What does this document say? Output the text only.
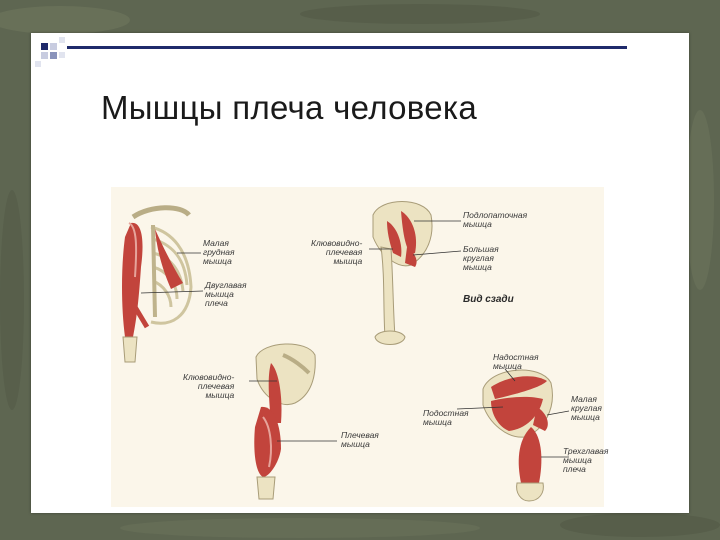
Мышцы плеча человека
Малая
грудная
мышца
Двуглавая
мышца
плеча
Клювовидно-
плечевая
мышца
Подлопаточная
мышца
Большая
круглая
мышца
Вид сзади
Надостная
мышца
Клювовидно-
плечевая
мышца
Подостная
мышца
Малая
круглая
мышца
Плечевая
мышца
Трехглавая
мышца
плеча
